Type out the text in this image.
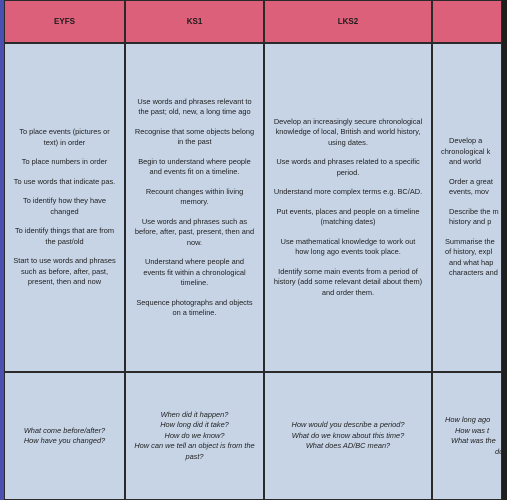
EYFS	KS1	LKS2

To place events (pictures or text) in order

To place numbers in order

To use words that indicate pas.

To identify how they have changed

To identify things that are from the past/old

Start to use words and phrases such as before, after, past, present, then and now

Use words and phrases relevant to the past; old, new, a long time ago

Recognise that some objects belong in the past

Begin to understand where people and events fit on a timeline.

Recount changes within living memory.

Use words and phrases such as before, after, past, present, then and now.

Understand where people and events fit within a chronological timeline.

Sequence photographs and objects on a timeline.

Develop an increasingly secure chronological knowledge of local, British and world history, using dates.

Use words and phrases related to a specific period.

Understand more complex terms e.g. BC/AD.

Put events, places and people on a timeline (matching dates)

Use mathematical knowledge to work out how long ago events took place.

Identify some main events from a period of history (add some relevant detail about them) and order them.

Develop a
chronological k
and world
Order a great
events, mov
Describe the m
history and p
Summarise the
of history, expl
and what hap
characters and
What come before/after?
How have you changed?
When did it happen?
How long did it take?
How do we know?
How can we tell an object is from the past?
How would you describe a period?
What do we know about this time?
What does AD/BC mean?
How long ago
How was t
What was the
duri
